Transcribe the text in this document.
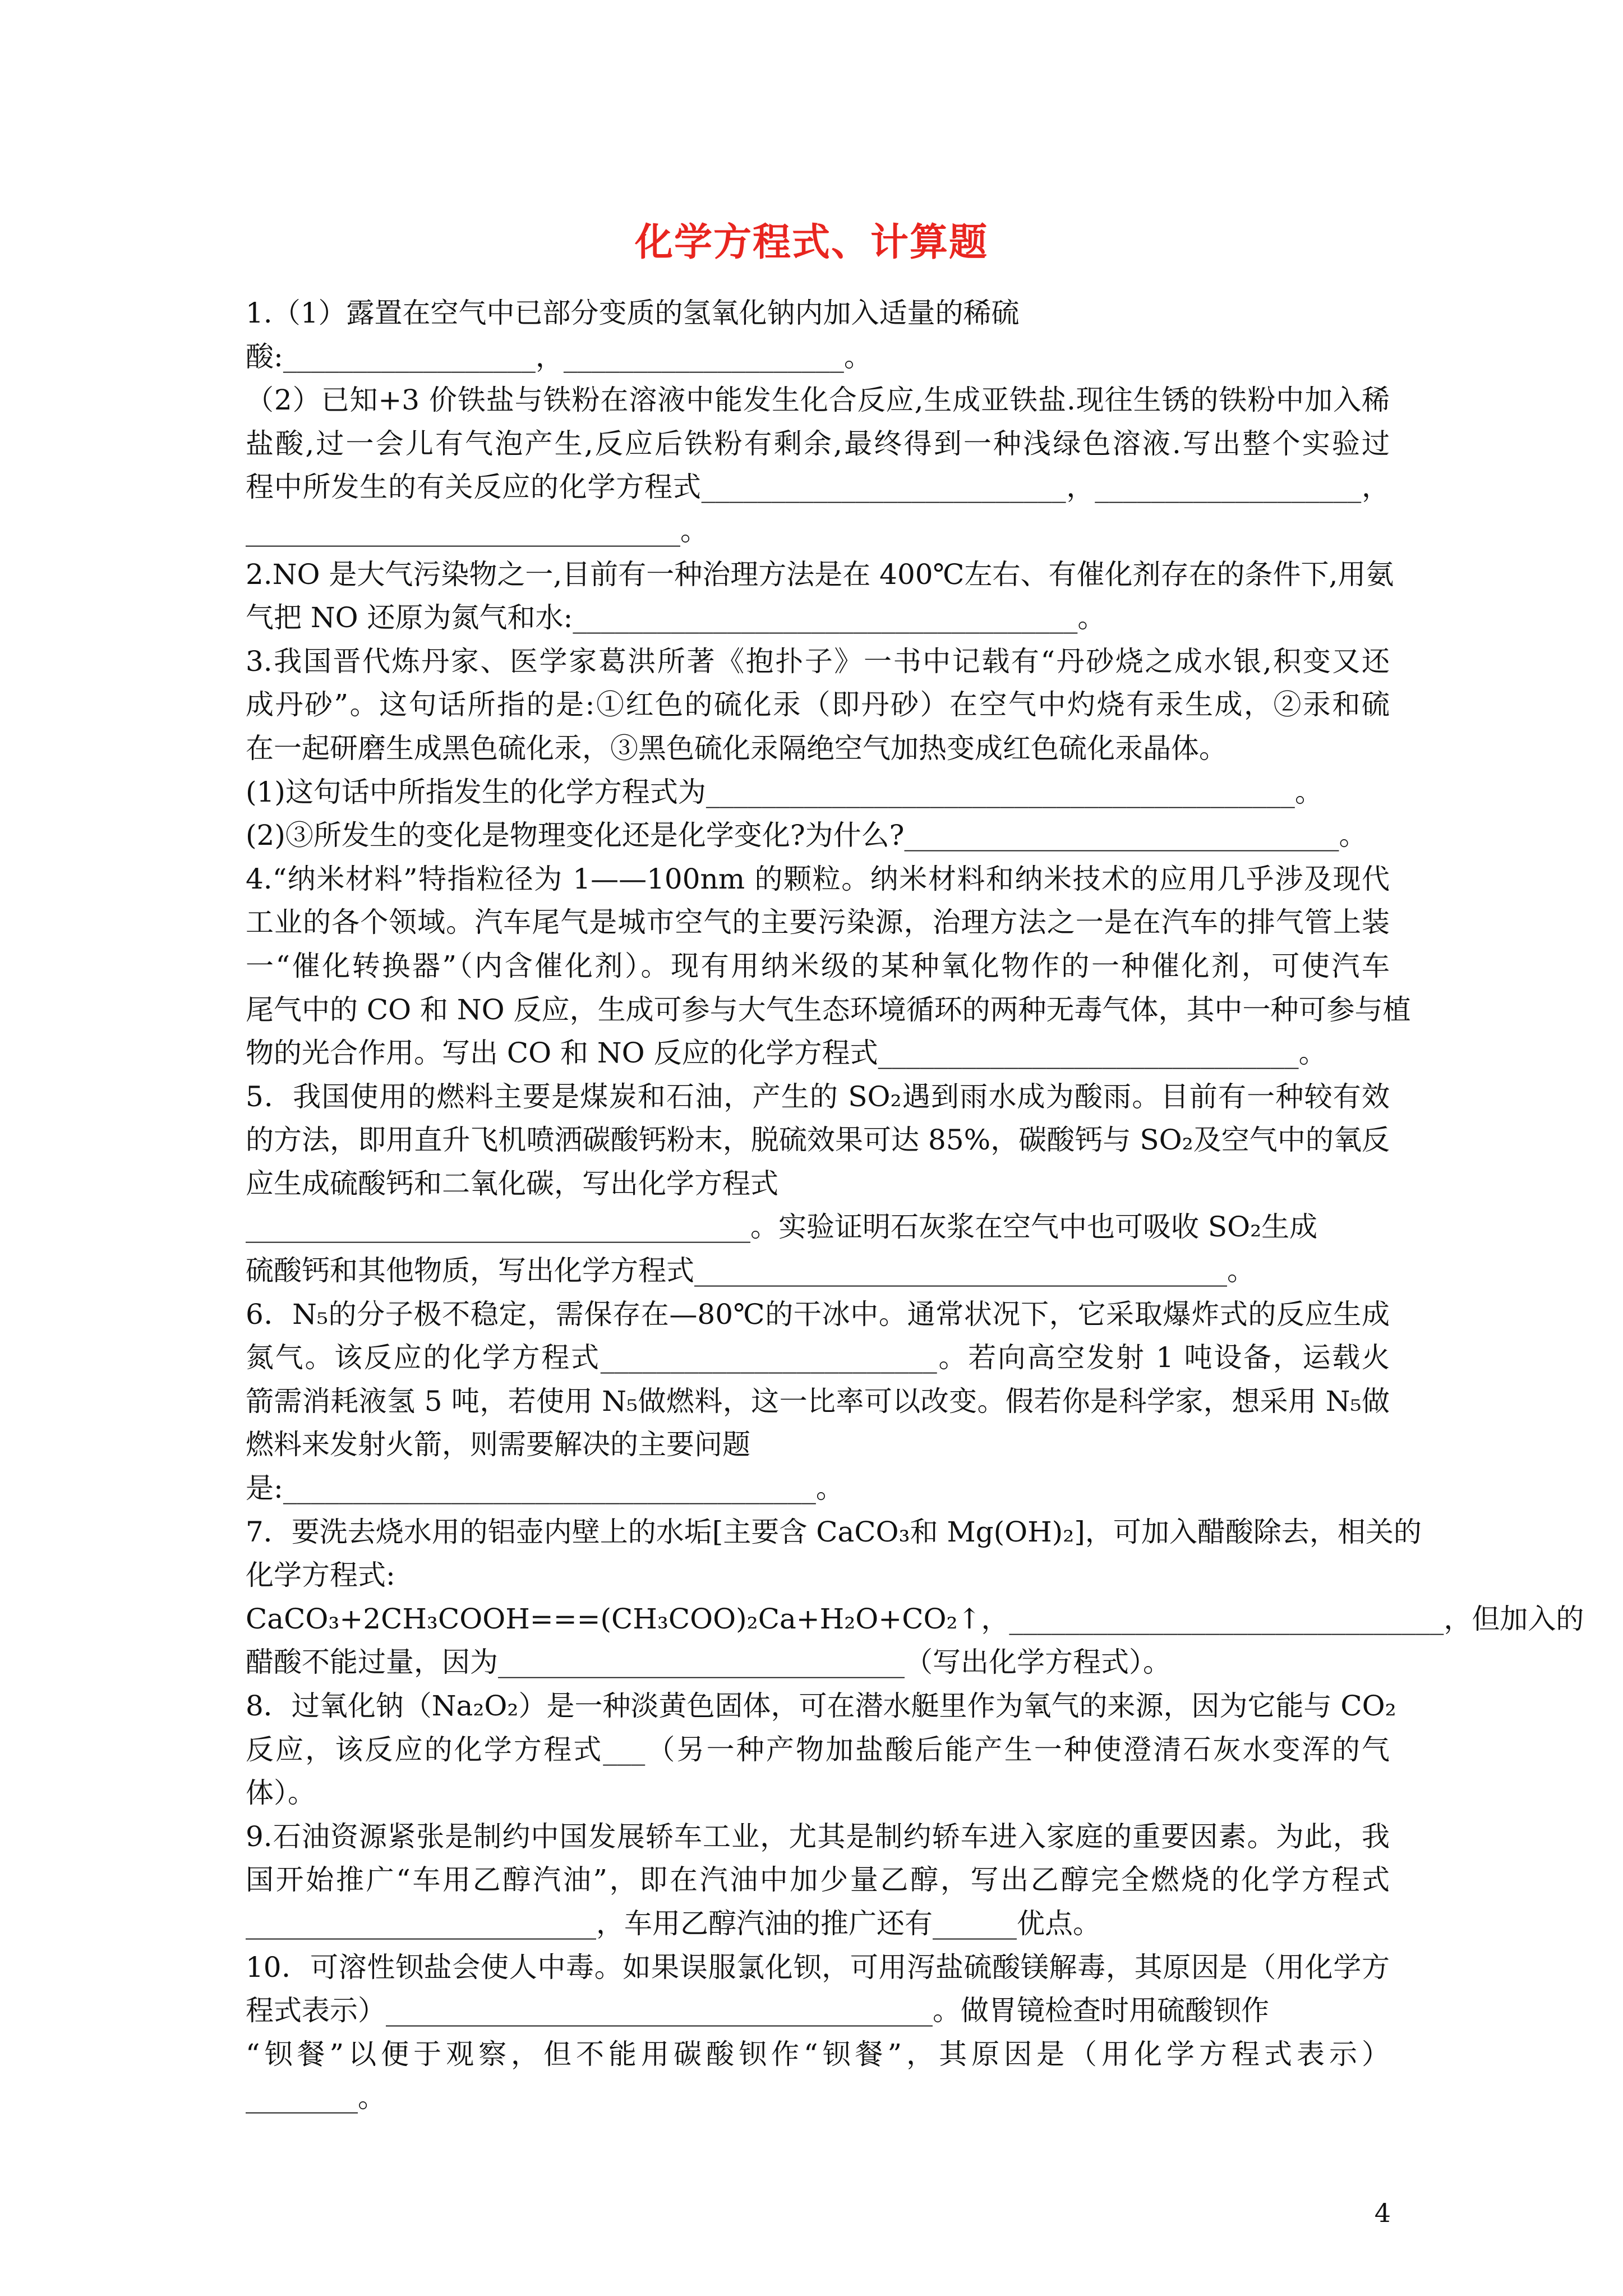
化学方程式、计算题
1.（1）露置在空气中已部分变质的氢氧化钠内加入适量的稀硫
酸:__________________，____________________。
（2）已知+3 价铁盐与铁粉在溶液中能发生化合反应,生成亚铁盐.现往生锈的铁粉中加入稀
盐酸,过一会儿有气泡产生,反应后铁粉有剩余,最终得到一种浅绿色溶液.写出整个实验过
程中所发生的有关反应的化学方程式__________________________，___________________，
_______________________________。
2.NO 是大气污染物之一,目前有一种治理方法是在 400℃左右、有催化剂存在的条件下,用氨
气把 NO 还原为氮气和水:____________________________________。
3.我国晋代炼丹家、医学家葛洪所著《抱扑子》一书中记载有“丹砂烧之成水银,积变又还
成丹砂”。这句话所指的是:①红色的硫化汞（即丹砂）在空气中灼烧有汞生成，②汞和硫
在一起研磨生成黑色硫化汞，③黑色硫化汞隔绝空气加热变成红色硫化汞晶体。
(1)这句话中所指发生的化学方程式为__________________________________________。
(2)③所发生的变化是物理变化还是化学变化?为什么?_______________________________。
4.“纳米材料”特指粒径为 1——100nm 的颗粒。纳米材料和纳米技术的应用几乎涉及现代
工业的各个领域。汽车尾气是城市空气的主要污染源，治理方法之一是在汽车的排气管上装
一“催化转换器”（内含催化剂）。现有用纳米级的某种氧化物作的一种催化剂，可使汽车
尾气中的 CO 和 NO 反应，生成可参与大气生态环境循环的两种无毒气体，其中一种可参与植
物的光合作用。写出 CO 和 NO 反应的化学方程式______________________________。
5．我国使用的燃料主要是煤炭和石油，产生的 SO₂遇到雨水成为酸雨。目前有一种较有效
的方法，即用直升飞机喷洒碳酸钙粉末，脱硫效果可达 85%，碳酸钙与 SO₂及空气中的氧反
应生成硫酸钙和二氧化碳，写出化学方程式
____________________________________。实验证明石灰浆在空气中也可吸收 SO₂生成
硫酸钙和其他物质，写出化学方程式______________________________________。
6．N₅的分子极不稳定，需保存在—80℃的干冰中。通常状况下，它采取爆炸式的反应生成
氮气。该反应的化学方程式________________________。若向高空发射 1 吨设备，运载火
箭需消耗液氢 5 吨，若使用 N₅做燃料，这一比率可以改变。假若你是科学家，想采用 N₅做
燃料来发射火箭，则需要解决的主要问题
是:______________________________________。
7．要洗去烧水用的铝壶内壁上的水垢[主要含 CaCO₃和 Mg(OH)₂]，可加入醋酸除去，相关的
化学方程式:
CaCO₃+2CH₃COOH===(CH₃COO)₂Ca+H₂O+CO₂↑，_______________________________，但加入的
醋酸不能过量，因为_____________________________（写出化学方程式）。
8．过氧化钠（Na₂O₂）是一种淡黄色固体，可在潜水艇里作为氧气的来源，因为它能与 CO₂
反应，该反应的化学方程式___（另一种产物加盐酸后能产生一种使澄清石灰水变浑的气
体）。
9.石油资源紧张是制约中国发展轿车工业，尤其是制约轿车进入家庭的重要因素。为此，我
国开始推广“车用乙醇汽油”，即在汽油中加少量乙醇，写出乙醇完全燃烧的化学方程式
_________________________，车用乙醇汽油的推广还有______优点。
10．可溶性钡盐会使人中毒。如果误服氯化钡，可用泻盐硫酸镁解毒，其原因是（用化学方
程式表示）_______________________________________。做胃镜检查时用硫酸钡作
“钡餐”以便于观察，但不能用碳酸钡作“钡餐”，其原因是（用化学方程式表示）
________。
4
